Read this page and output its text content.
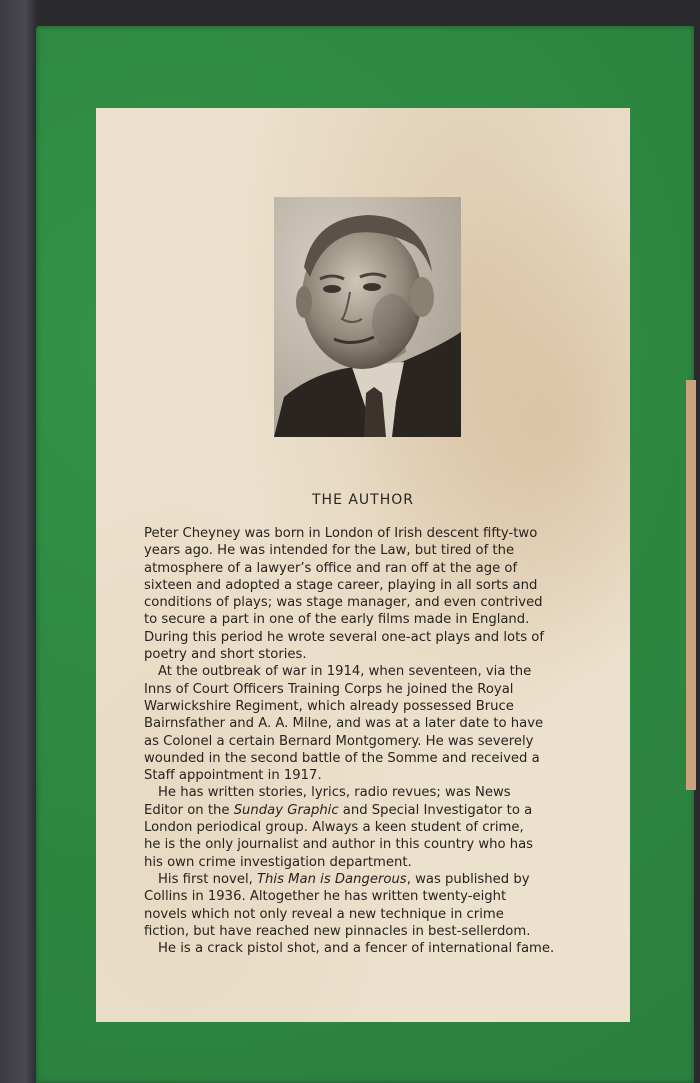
THE AUTHOR

Peter Cheyney was born in London of Irish descent fifty-two
years ago. He was intended for the Law, but tired of the
atmosphere of a lawyer’s office and ran off at the age of
sixteen and adopted a stage career, playing in all sorts and
conditions of plays; was stage manager, and even contrived
to secure a part in one of the early films made in England.
During this period he wrote several one-act plays and lots of
poetry and short stories.

At the outbreak of war in 1914, when seventeen, via the
Inns of Court Officers Training Corps he joined the Royal
Warwickshire Regiment, which already possessed Bruce
Bairnsfather and A. A. Milne, and was at a later date to have
as Colonel a certain Bernard Montgomery. He was severely
wounded in the second battle of the Somme and received a
Staff appointment in 1917.

He has written stories, lyrics, radio revues; was News
Editor on the Sunday Graphic and Special Investigator to a
London periodical group. Always a keen student of crime,
he is the only journalist and author in this country who has
his own crime investigation department.

His first novel, This Man is Dangerous, was published by
Collins in 1936. Altogether he has written twenty-eight
novels which not only reveal a new technique in crime
fiction, but have reached new pinnacles in best-sellerdom.

He is a crack pistol shot, and a fencer of international fame.
